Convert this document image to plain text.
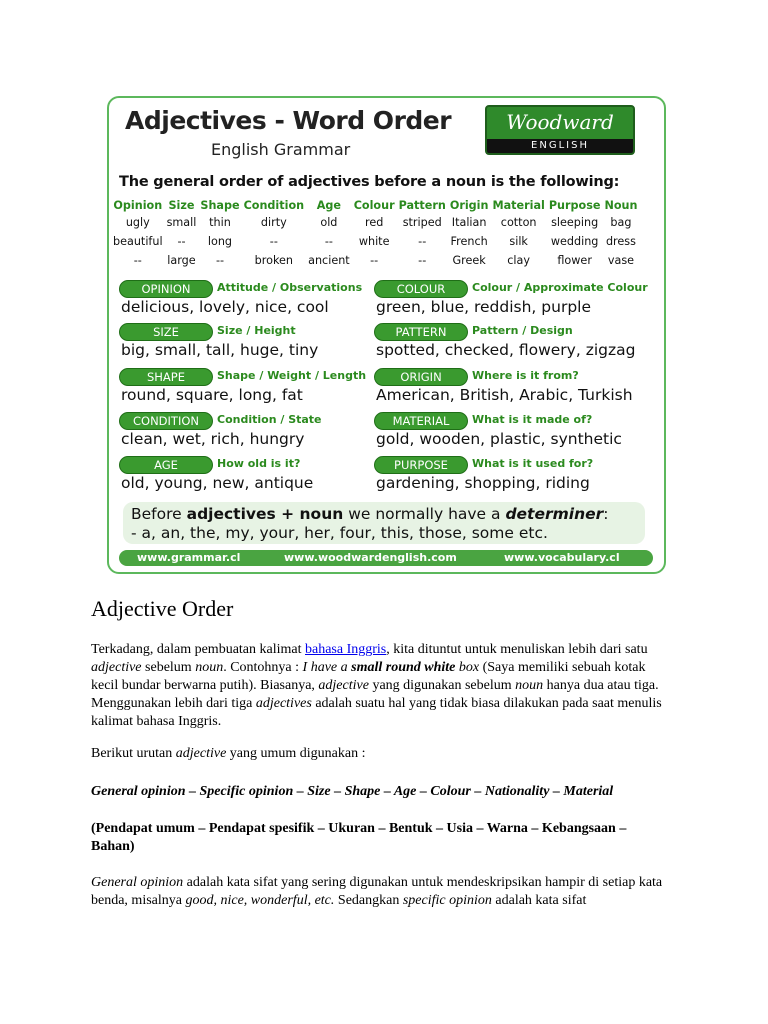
Adjectives - Word Order
English Grammar
Woodward
ENGLISH

The general order of adjectives before a noun is the following:

Opinion	Size	Shape	Condition	Age	Colour	Pattern	Origin	Material	Purpose	Noun
ugly	small	thin	dirty	old	red	striped	Italian	cotton	sleeping	bag
beautiful	--	long	--	--	white	--	French	silk	wedding	dress
--	large	--	broken	ancient	--	--	Greek	clay	flower	vase
OPINION	Attitude / Observations
delicious, lovely, nice, cool
SIZE	Size / Height
big, small, tall, huge, tiny
SHAPE	Shape / Weight / Length
round, square, long, fat
CONDITION	Condition / State
clean, wet, rich, hungry
AGE	How old is it?
old, young, new, antique
COLOUR	Colour / Approximate Colour
green, blue, reddish, purple
PATTERN	Pattern / Design
spotted, checked, flowery, zigzag
ORIGIN	Where is it from?
American, British, Arabic, Turkish
MATERIAL	What is it made of?
gold, wooden, plastic, synthetic
PURPOSE	What is it used for?
gardening, shopping, riding
Before adjectives + noun we normally have a determiner:
- a, an, the, my, your, her, four, this, those, some etc.
www.grammar.cl	www.woodwardenglish.com	www.vocabulary.cl
Adjective Order

Terkadang, dalam pembuatan kalimat bahasa Inggris, kita dituntut untuk menuliskan lebih dari satu adjective sebelum noun. Contohnya : I have a small round white box (Saya memiliki sebuah kotak kecil bundar berwarna putih). Biasanya, adjective yang digunakan sebelum noun hanya dua atau tiga. Menggunakan lebih dari tiga adjectives adalah suatu hal yang tidak biasa dilakukan pada saat menulis kalimat bahasa Inggris.

Berikut urutan adjective yang umum digunakan :

General opinion – Specific opinion – Size – Shape – Age – Colour – Nationality – Material

(Pendapat umum – Pendapat spesifik – Ukuran – Bentuk – Usia – Warna – Kebangsaan – Bahan)

General opinion adalah kata sifat yang sering digunakan untuk mendeskripsikan hampir di setiap kata benda, misalnya good, nice, wonderful, etc. Sedangkan specific opinion adalah kata sifat
